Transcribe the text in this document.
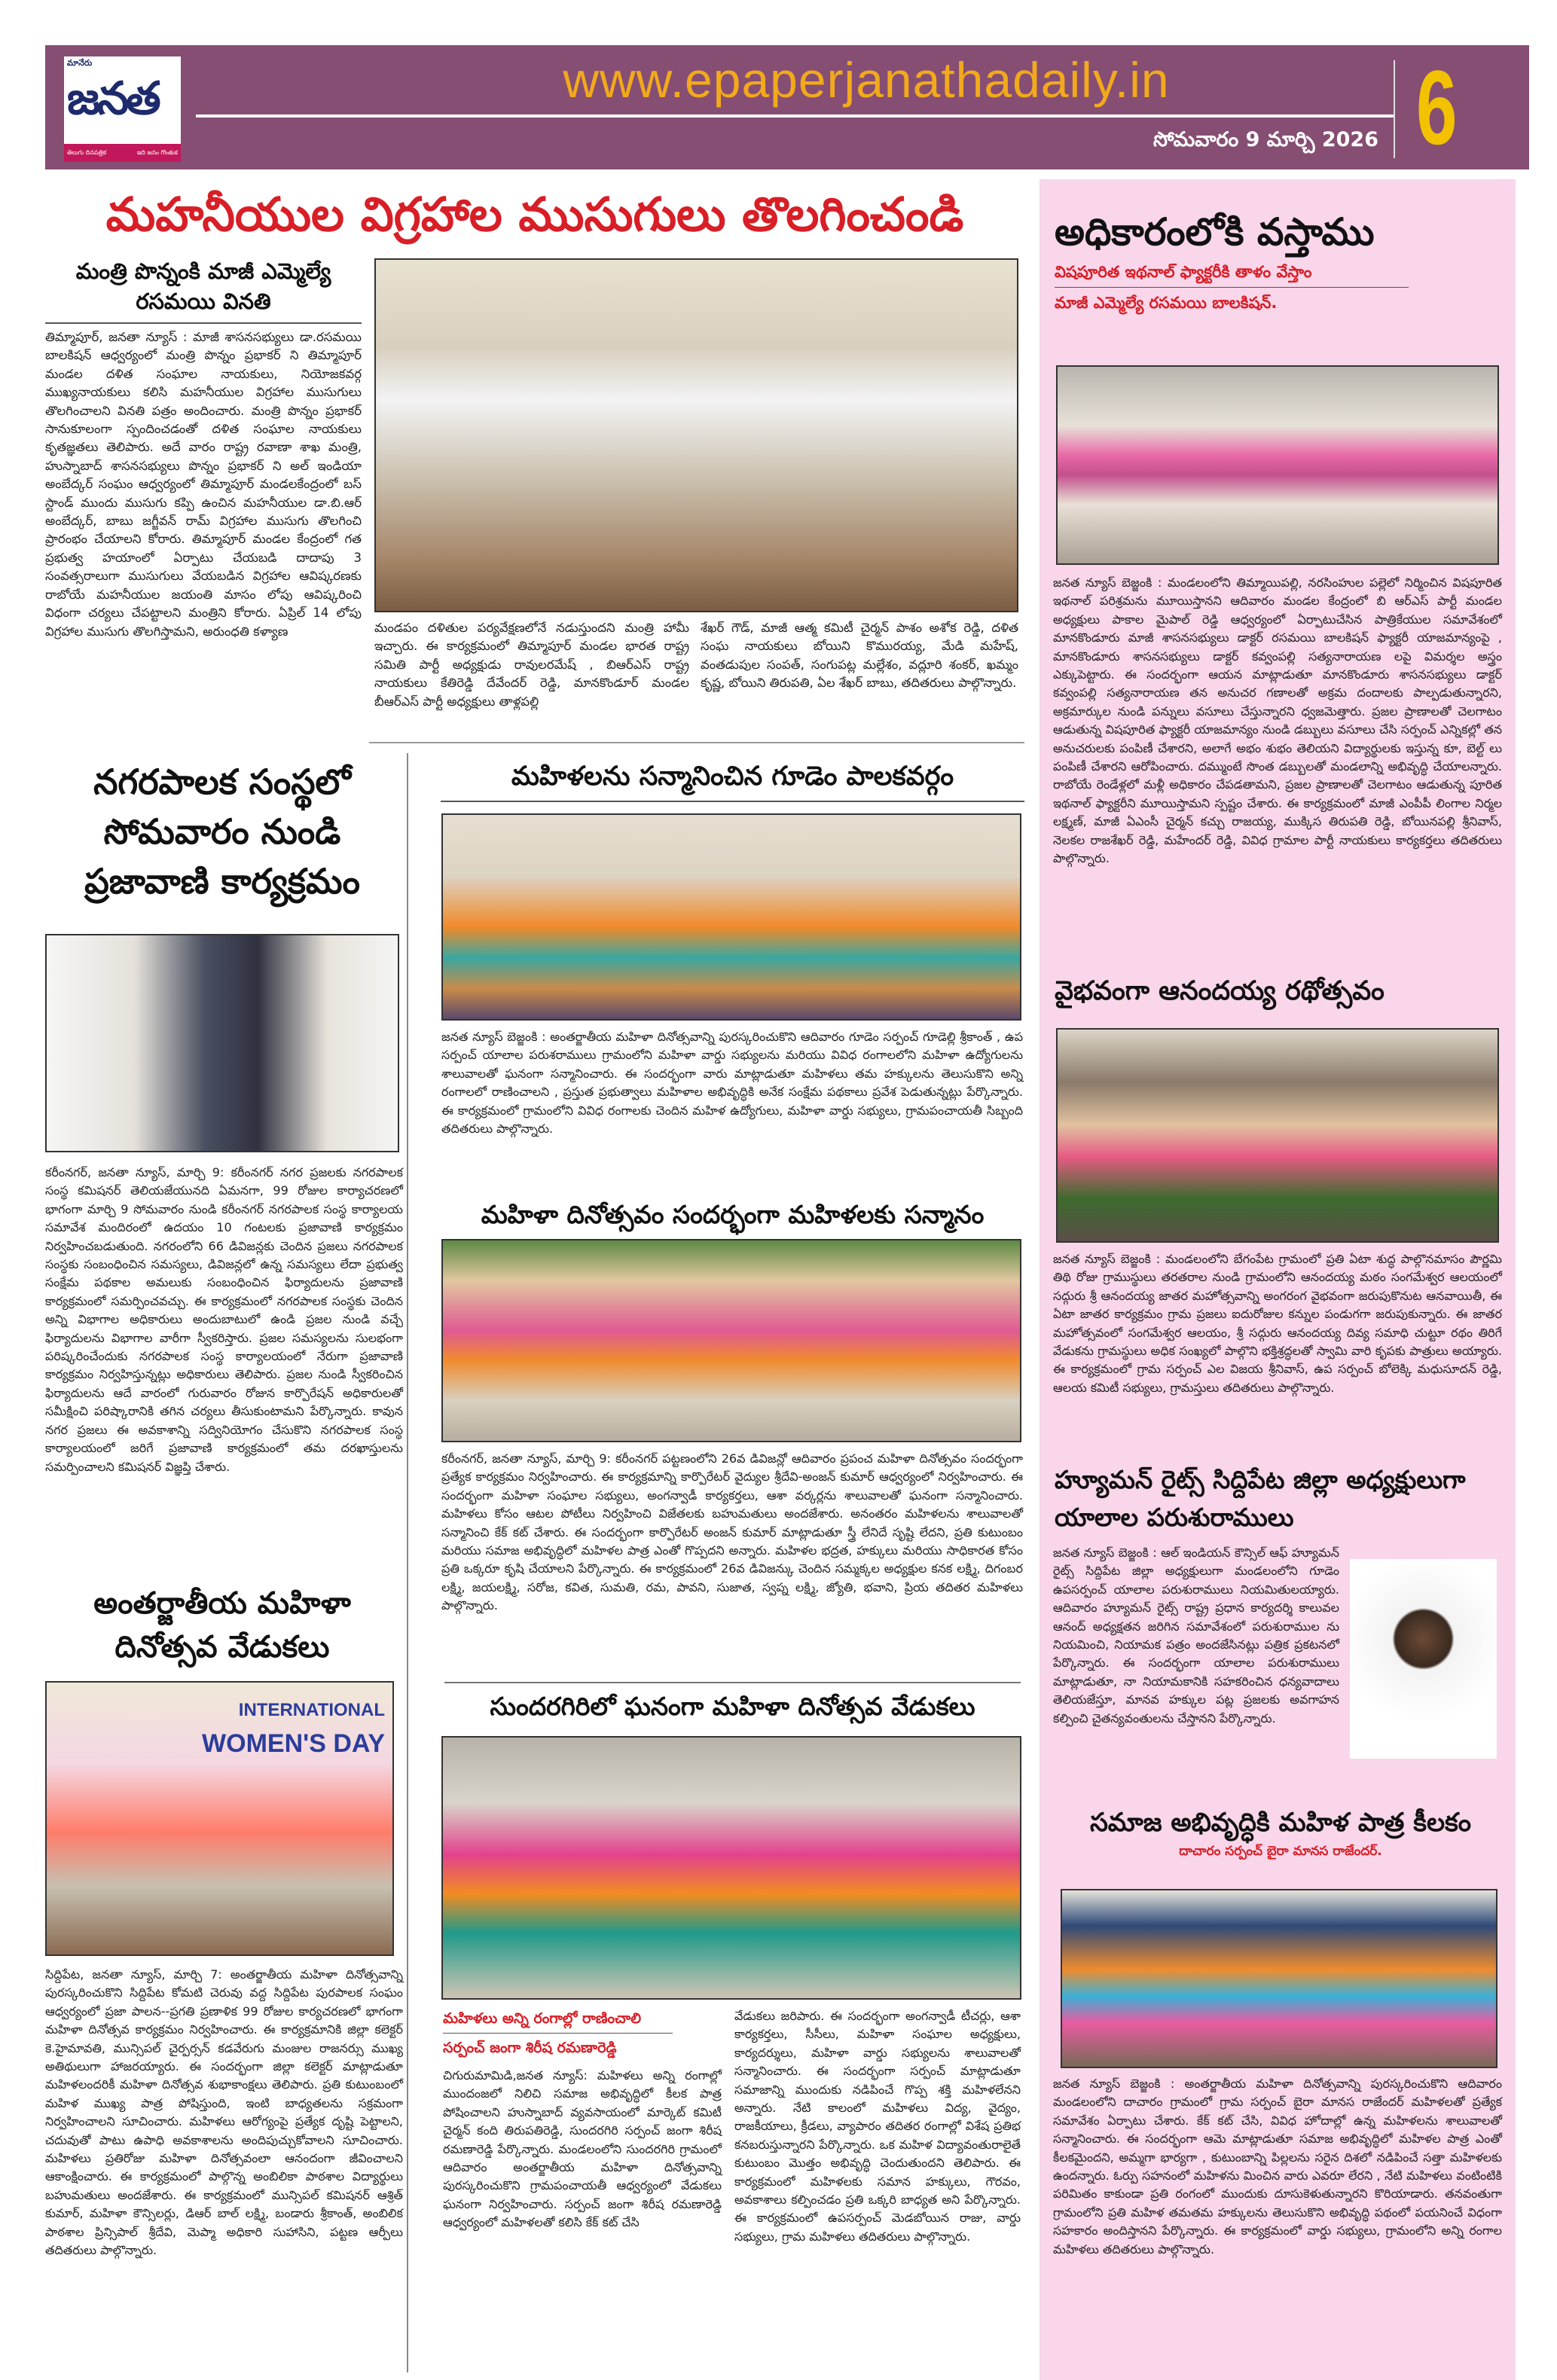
మానేరు
జనత
తెలుగు దినపత్రిక	ఇది జనం గొంతుక
www.epaperjanathadaily.in
సోమవారం 9 మార్చి 2026 6
మహనీయుల విగ్రహాల ముసుగులు తొలగించండి
మంత్రి పొన్నంకి మాజీ ఎమ్మెల్యే రసమయి వినతి
తిమ్మాపూర్, జనతా న్యూస్ : మాజీ శాసనసభ్యులు డా.రసమయి బాలకిషన్ ఆధ్వర్యంలో మంత్రి పొన్నం ప్రభాకర్ ని తిమ్మాపూర్ మండల దళిత సంఘాల నాయకులు, నియోజకవర్గ ముఖ్యనాయకులు కలిసి మహనీయుల విగ్రహాల ముసుగులు తొలగించాలని వినతి పత్రం అందించారు. మంత్రి పొన్నం ప్రభాకర్ సానుకూలంగా స్పందించడంతో దళిత సంఘాల నాయకులు కృతజ్ఞతలు తెలిపారు. అదే వారం రాష్ట్ర రవాణా శాఖ మంత్రి, హుస్నాబాద్ శాసనసభ్యులు పొన్నం ప్రభాకర్ ని అల్ ఇండియా అంబేద్కర్ సంఘం ఆధ్వర్యంలో తిమ్మాపూర్ మండలకేంద్రంలో బస్ స్టాండ్ ముందు ముసుగు కప్పి ఉంచిన మహనీయుల డా.బి.ఆర్ అంబేద్కర్, బాబు జగ్జీవన్ రామ్ విగ్రహాల ముసుగు తొలగించి ప్రారంభం చేయాలని కోరారు. తిమ్మాపూర్ మండల కేంద్రంలో గత ప్రభుత్వ హయాంలో ఏర్పాటు చేయబడి దాదాపు 3 సంవత్సరాలుగా ముసుగులు వేయబడిన విగ్రహాల ఆవిష్కరణకు రాబోయే మహనీయుల జయంతి మాసం లోపు ఆవిష్కరించి విధంగా చర్యలు చేపట్టాలని మంత్రిని కోరారు. ఏప్రిల్ 14 లోపు విగ్రహాల ముసుగు తొలగిస్తామని, అరుంధతి కళ్యాణ	మండపం దళితుల పర్యవేక్షణలోనే నడుస్తుందని మంత్రి హామీ ఇచ్చారు. ఈ కార్యక్రమంలో తిమ్మాపూర్ మండల భారత రాష్ట్ర సమితి పార్టీ అధ్యక్షుడు రావులరమేష్ , బిఆర్ఎస్ రాష్ట్ర నాయకులు కేతిరెడ్డి దేవేందర్ రెడ్డి, మానకొండూర్ మండల బీఆర్ఎస్ పార్టీ అధ్యక్షులు తాళ్లపల్లి
శేఖర్ గౌడ్, మాజీ ఆత్మ కమిటీ చైర్మన్ పాశం అశోక రెడ్డి, దళిత సంఘ నాయకులు బోయిని కొమురయ్య, మేడి మహేష్, వంతడుపుల సంపత్, సంగుపట్ల మల్లేశం, వద్లూరి శంకర్, ఖమ్మం కృష్ణ, బోయిని తిరుపతి, ఏల శేఖర్ బాబు, తదితరులు పాల్గొన్నారు.
అధికారంలోకి వస్తాము
విషపూరిత ఇథనాల్ ఫ్యాక్టరీకి తాళం వేస్తాం
మాజీ ఎమ్మెల్యే రసమయి బాలకిషన్.
జనత న్యూస్ బెజ్జంకి : మండలంలోని తిమ్మాయిపల్లి, నరసింహుల పల్లెలో నిర్మించిన విషపూరిత ఇథనాల్ పరిశ్రమను మూయిస్తానని ఆదివారం మండల కేంద్రంలో బి ఆర్ఎస్ పార్టీ మండల అధ్యక్షులు పాకాల మైపాల్ రెడ్డి ఆధ్వర్యంలో ఏర్పాటుచేసిన పాత్రికేయుల సమావేశంలో మానకొండూరు మాజీ శాసనసభ్యులు డాక్టర్ రసమయి బాలకిషన్ ఫ్యాక్టరీ యాజమాన్యంపై , మానకొండూరు శాసనసభ్యులు డాక్టర్ కవ్వంపల్లి సత్యనారాయణ లపై విమర్శల అస్త్రం ఎక్కుపెట్టారు. ఈ సందర్భంగా ఆయన మాట్లాడుతూ మానకొండూరు శాసనసభ్యులు డాక్టర్ కవ్వంపల్లి సత్యనారాయణ తన అనుచర గణాలతో అక్రమ దందాలకు పాల్పడుతున్నారని, అక్రమార్కుల నుండి పన్నులు వసూలు చేస్తున్నారని ధ్వజమెత్తారు. ప్రజల ప్రాణాలతో చెలగాటం ఆడుతున్న విషపూరిత ఫ్యాక్టరీ యాజమాన్యం నుండి డబ్బులు వసూలు చేసి సర్పంచ్ ఎన్నికల్లో తన అనుచరులకు పంపిణీ చేశారని, అలాగే అభం శుభం తెలియని విద్యార్థులకు ఇస్తున్న కూ, బెల్ట్ లు పంపిణీ చేశారని ఆరోపించారు. దమ్ముంటే సొంత డబ్బులతో మండలాన్ని అభివృద్ధి చేయాలన్నారు. రాబోయే రెండేళ్లలో మళ్లీ అధికారం చేపడతామని, ప్రజల ప్రాణాలతో చెలగాటం ఆడుతున్న పూరిత ఇథనాల్ ఫ్యాక్టరీని మూయిస్తామని స్పష్టం చేశారు. ఈ కార్యక్రమంలో మాజీ ఎంపీపీ లింగాల నిర్మల లక్ష్మణ్, మాజీ ఏఎంసీ చైర్మన్ కచ్చు రాజయ్య, ముక్కిస తిరుపతి రెడ్డి, బోయినపల్లి శ్రీనివాస్, నెలకల రాజశేఖర్ రెడ్డి, మహేందర్ రెడ్డి, వివిధ గ్రామాల పార్టీ నాయకులు కార్యకర్తలు తదితరులు పాల్గొన్నారు.
వైభవంగా ఆనందయ్య రథోత్సవం
జనత న్యూస్ బెజ్జంకి : మండలంలోని బేగంపేట గ్రామంలో ప్రతి ఏటా శుద్ధ పాల్గొనమాసం పౌర్ణమి తిథి రోజు గ్రాముస్థులు తరతరాల నుండి గ్రామంలోని ఆనందయ్య మఠం సంగమేశ్వర ఆలయంలో సద్గురు శ్రీ ఆనందయ్య జాతర మహోత్సవాన్ని అంగరంగ వైభవంగా జరుపుకొనుట ఆనవాయితీ, ఈ ఏటా జాతర కార్యక్రమం గ్రామ ప్రజలు ఐదురోజుల కన్నుల పండుగగా జరుపుకున్నారు. ఈ జాతర మహోత్సవంలో సంగమేశ్వర ఆలయం, శ్రీ సద్గురు ఆనందయ్య దివ్య సమాధి చుట్టూ రథం తిరిగే వేడుకను గ్రామస్థులు అధిక సంఖ్యలో పాల్గొని భక్తిశ్రద్ధలతో స్వామి వారి కృపకు పాత్రులు అయ్యారు. ఈ కార్యక్రమంలో గ్రామ సర్పంచ్ ఎల విజయ శ్రీనివాస్, ఉప సర్పంచ్ బోలెక్కి మధుసూదన్ రెడ్డి, ఆలయ కమిటీ సభ్యులు, గ్రామస్తులు తదితరులు పాల్గొన్నారు.
హ్యూమన్ రైట్స్ సిద్దిపేట జిల్లా అధ్యక్షులుగా యాలాల పరుశురాములు
జనత న్యూస్ బెజ్జంకి : ఆల్ ఇండియన్ కౌన్సిల్ ఆఫ్ హ్యూమన్ రైట్స్ సిద్దిపేట జిల్లా అధ్యక్షులుగా మండలంలోని గూడెం ఉపసర్పంచ్ యాలాల పరుశురాములు నియమితులయ్యారు. ఆదివారం హ్యూమన్ రైట్స్ రాష్ట్ర ప్రధాన కార్యదర్శి కాలువల ఆనంద్ అధ్యక్షతన జరిగిన సమావేశంలో పరుశురాముల ను నియమించి, నియామక పత్రం అందజేసినట్లు పత్రిక ప్రకటనలో పేర్కొన్నారు. ఈ సందర్భంగా యాలాల పరుశురాములు మాట్లాడుతూ, నా నియామకానికి సహకరించిన ధన్యవాదాలు తెలియజేస్తూ, మానవ హక్కుల పట్ల ప్రజలకు అవగాహన కల్పించి చైతన్యవంతులను చేస్తానని పేర్కొన్నారు.
సమాజ అభివృద్ధికి మహిళ పాత్ర కీలకం
దాచారం సర్పంచ్ బైరా మానస రాజేందర్.
జనత న్యూస్ బెజ్జంకి : అంతర్జాతీయ మహిళా దినోత్సవాన్ని పురస్కరించుకొని ఆదివారం మండలంలోని దాచారం గ్రామంలో గ్రామ సర్పంచ్ బైరా మానస రాజేందర్ మహిళలతో ప్రత్యేక సమావేశం ఏర్పాటు చేశారు. కేక్ కట్ చేసి, వివిధ హోదాల్లో ఉన్న మహిళలను శాలువాలతో సన్మానించారు. ఈ సందర్భంగా ఆమె మాట్లాడుతూ సమాజ అభివృద్ధిలో మహిళల పాత్ర ఎంతో కీలకమైందని, అమ్మగా భార్యగా , కుటుంబాన్ని పిల్లలను సరైన దిశలో నడిపించే సత్తా మహిళలకు ఉందన్నారు. ఓర్పు సహనంలో మహిళను మించిన వారు ఎవరూ లేరని , నేటి మహిళలు వంటింటికి పరిమితం కాకుండా ప్రతి రంగంలో ముందుకు దూసుకెళుతున్నారని కొరియాడారు. తనవంతుగా గ్రామంలోని ప్రతి మహిళ తమతమ హక్కులను తెలుసుకొని అభివృద్ధి పథంలో పయనించే విధంగా సహకారం అందిస్తానని పేర్కొన్నారు. ఈ కార్యక్రమంలో వార్డు సభ్యులు, గ్రామంలోని అన్ని రంగాల మహిళలు తదితరులు పాల్గొన్నారు.
నగరపాలక సంస్థలో సోమవారం నుండి ప్రజావాణి కార్యక్రమం
కరీంనగర్, జనతా న్యూస్, మార్చి 9: కరీంనగర్ నగర ప్రజలకు నగరపాలక సంస్థ కమిషనర్ తెలియజేయునది ఏమనగా, 99 రోజుల కార్యాచరణలో భాగంగా మార్చి 9 సోమవారం నుండి కరీంనగర్ నగరపాలక సంస్థ కార్యాలయ సమావేశ మందిరంలో ఉదయం 10 గంటలకు ప్రజావాణి కార్యక్రమం నిర్వహించబడుతుంది. నగరంలోని 66 డివిజన్లకు చెందిన ప్రజలు నగరపాలక సంస్థకు సంబంధించిన సమస్యలు, డివిజన్లలో ఉన్న సమస్యలు లేదా ప్రభుత్వ సంక్షేమ పథకాల అమలుకు సంబంధించిన ఫిర్యాదులను ప్రజావాణి కార్యక్రమంలో సమర్పించవచ్చు. ఈ కార్యక్రమంలో నగరపాలక సంస్థకు చెందిన అన్ని విభాగాల అధికారులు అందుబాటులో ఉండి ప్రజల నుండి వచ్చే ఫిర్యాదులను విభాగాల వారీగా స్వీకరిస్తారు. ప్రజల సమస్యలను సులభంగా పరిష్కరించేందుకు నగరపాలక సంస్థ కార్యాలయంలో నేరుగా ప్రజావాణి కార్యక్రమం నిర్వహిస్తున్నట్లు అధికారులు తెలిపారు. ప్రజల నుండి స్వీకరించిన ఫిర్యాదులను ఆదే వారంలో గురువారం రోజున కార్పొరేషన్ అధికారులతో సమీక్షించి పరిష్కారానికి తగిన చర్యలు తీసుకుంటామని పేర్కొన్నారు. కావున నగర ప్రజలు ఈ అవకాశాన్ని సద్వినియోగం చేసుకొని నగరపాలక సంస్థ కార్యాలయంలో జరిగే ప్రజావాణి కార్యక్రమంలో తమ దరఖాస్తులను సమర్పించాలని కమిషనర్ విజ్ఞప్తి చేశారు.
అంతర్జాతీయ మహిళా దినోత్సవ వేడుకలు
INTERNATIONAL
WOMEN'S DAY
సిద్దిపేట, జనతా న్యూస్, మార్చి 7: అంతర్జాతీయ మహిళా దినోత్సవాన్ని పురస్కరించుకొని సిద్దిపేట కోమటి చెరువు వద్ద సిద్దిపేట పురపాలక సంఘం ఆధ్వర్యంలో ప్రజా పాలన--ప్రగతి ప్రణాళిక 99 రోజుల కార్యచరణలో భాగంగా మహిళా దినోత్సవ కార్యక్రమం నిర్వహించారు. ఈ కార్యక్రమానికి జిల్లా కలెక్టర్ కె.హైమావతి, మున్సిపల్ చైర్పర్సన్ కడవేరుగు మంజుల రాజనర్సు ముఖ్య అతిథులుగా హాజరయ్యారు. ఈ సందర్భంగా జిల్లా కలెక్టర్ మాట్లాడుతూ మహిళలందరికీ మహిళా దినోత్సవ శుభాకాంక్షలు తెలిపారు. ప్రతి కుటుంబంలో మహిళ ముఖ్య పాత్ర పోషిస్తుంది, ఇంటి బాధ్యతలను సక్రమంగా నిర్వహించాలని సూచించారు. మహిళలు ఆరోగ్యంపై ప్రత్యేక దృష్టి పెట్టాలని, చదువుతో పాటు ఉపాధి అవకాశాలను అందిపుచ్చుకోవాలని సూచించారు. మహిళలు ప్రతిరోజు మహిళా దినోత్సవంలా ఆనందంగా జీవించాలని ఆకాంక్షించారు. ఈ కార్యక్రమంలో పాల్గొన్న అంబిలికా పాఠశాల విద్యార్థులు బహుమతులు అందజేశారు. ఈ కార్యక్రమంలో మున్సిపల్ కమిషనర్ ఆశ్రిత్ కుమార్, మహిళా కౌన్సిలర్లు, డిఆర్ బాల్ లక్ష్మి, బండారు శ్రీకాంత్, అంబిలిక పాఠశాల ప్రిన్సిపాల్ శ్రీదేవి, మెప్మా అధికారి సుహాసిని, పట్టణ ఆర్పీలు తదితరులు పాల్గొన్నారు.
మహిళలను సన్మానించిన గూడెం పాలకవర్గం
జనత న్యూస్ బెజ్జంకి : అంతర్జాతీయ మహిళా దినోత్సవాన్ని పురస్కరించుకొని ఆదివారం గూడెం సర్పంచ్ గూడెల్లి శ్రీకాంత్ , ఉప సర్పంచ్ యాలాల పరుశరాములు గ్రామంలోని మహిళా వార్డు సభ్యులను మరియు వివిధ రంగాలలోని మహిళా ఉద్యోగులను శాలువాలతో ఘనంగా సన్మానించారు. ఈ సందర్భంగా వారు మాట్లాడుతూ మహిళలు తమ హక్కులను తెలుసుకొని అన్ని రంగాలలో రాణించాలని , ప్రస్తుత ప్రభుత్వాలు మహిళాల అభివృద్ధికి అనేక సంక్షేమ పథకాలు ప్రవేశ పెడుతున్నట్లు పేర్కొన్నారు. ఈ కార్యక్రమంలో గ్రామంలోని వివిధ రంగాలకు చెందిన మహిళ ఉద్యోగులు, మహిళా వార్డు సభ్యులు, గ్రామపంచాయతీ సిబ్బంది తదితరులు పాల్గొన్నారు.
మహిళా దినోత్సవం సందర్భంగా మహిళలకు సన్మానం
కరీంనగర్, జనతా న్యూస్, మార్చి 9: కరీంనగర్ పట్టణంలోని 26వ డివిజన్లో ఆదివారం ప్రపంచ మహిళా దినోత్సవం సందర్భంగా ప్రత్యేక కార్యక్రమం నిర్వహించారు. ఈ కార్యక్రమాన్ని కార్పొరేటర్ వైద్యుల శ్రీదేవి-అంజన్ కుమార్ ఆధ్వర్యంలో నిర్వహించారు. ఈ సందర్భంగా మహిళా సంఘాల సభ్యులు, అంగన్వాడీ కార్యకర్తలు, ఆశా వర్కర్లను శాలువాలతో ఘనంగా సన్మానించారు. మహిళలు కోసం ఆటల పోటీలు నిర్వహించి విజేతలకు బహుమతులు అందజేశారు. అనంతరం మహిళలను శాలువాలతో సన్మానించి కేక్ కట్ చేశారు. ఈ సందర్భంగా కార్పొరేటర్ అంజన్ కుమార్ మాట్లాడుతూ స్త్రీ లేనిదే సృష్టి లేదని, ప్రతి కుటుంబం మరియు సమాజ అభివృద్ధిలో మహిళల పాత్ర ఎంతో గొప్పదని అన్నారు. మహిళల భద్రత, హక్కులు మరియు సాధికారత కోసం ప్రతి ఒక్కరూ కృషి చేయాలని పేర్కొన్నారు. ఈ కార్యక్రమంలో 26వ డివిజన్కు చెందిన సమ్మక్కల అధ్యక్షుల కనక లక్ష్మి, దిగంబర లక్ష్మి, జయలక్ష్మి, సరోజ, కవిత, సుమతి, రమ, పావని, సుజాత, స్వప్న లక్ష్మి, జ్యోతి, భవాని, ప్రియ తదితర మహిళలు పాల్గొన్నారు.
సుందరగిరిలో ఘనంగా మహిళా దినోత్సవ వేడుకలు
మహిళలు అన్ని రంగాల్లో రాణించాలి
సర్పంచ్ జంగా శిరీష రమణారెడ్డి
చిగురుమామిడి,జనత న్యూస్: మహిళలు అన్ని రంగాల్లో ముందంజలో నిలిచి సమాజ అభివృద్ధిలో కీలక పాత్ర పోషించాలని హుస్నాబాద్ వ్యవసాయంలో మార్కెట్ కమిటీ చైర్మన్ కంది తిరుపతిరెడ్డి, సుందరగిరి సర్పంచ్ జంగా శిరీష రమణారెడ్డి పేర్కొన్నారు. మండలంలోని సుందరగిరి గ్రామంలో ఆదివారం అంతర్జాతీయ మహిళా దినోత్సవాన్ని పురస్కరించుకొని గ్రామపంచాయతీ ఆధ్వర్యంలో వేడుకలు ఘనంగా నిర్వహించారు. సర్పంచ్ జంగా శిరీష రమణారెడ్డి ఆధ్వర్యంలో మహిళలతో కలిసి కేక్ కట్ చేసి
వేడుకలు జరిపారు. ఈ సందర్భంగా అంగన్వాడీ టీచర్లు, ఆశా కార్యకర్తలు, సీసీలు, మహిళా సంఘాల అధ్యక్షులు, కార్యదర్శులు, మహిళా వార్డు సభ్యులను శాలువాలతో సన్మానించారు. ఈ సందర్భంగా సర్పంచ్ మాట్లాడుతూ సమాజాన్ని ముందుకు నడిపించే గొప్ప శక్తి మహిళలేనని అన్నారు. నేటి కాలంలో మహిళలు విద్య, వైద్యం, రాజకీయాలు, క్రీడలు, వ్యాపారం తదితర రంగాల్లో విశేష ప్రతిభ కనబరుస్తున్నారని పేర్కొన్నారు. ఒక మహిళ విద్యావంతురాలైతే కుటుంబం మొత్తం అభివృద్ధి చెందుతుందని తెలిపారు. ఈ కార్యక్రమంలో మహిళలకు సమాన హక్కులు, గౌరవం, అవకాశాలు కల్పించడం ప్రతి ఒక్కరి బాధ్యత అని పేర్కొన్నారు. ఈ కార్యక్రమంలో ఉపసర్పంచ్ మెడబోయిన రాజు, వార్డు సభ్యులు, గ్రామ మహిళలు తదితరులు పాల్గొన్నారు.
